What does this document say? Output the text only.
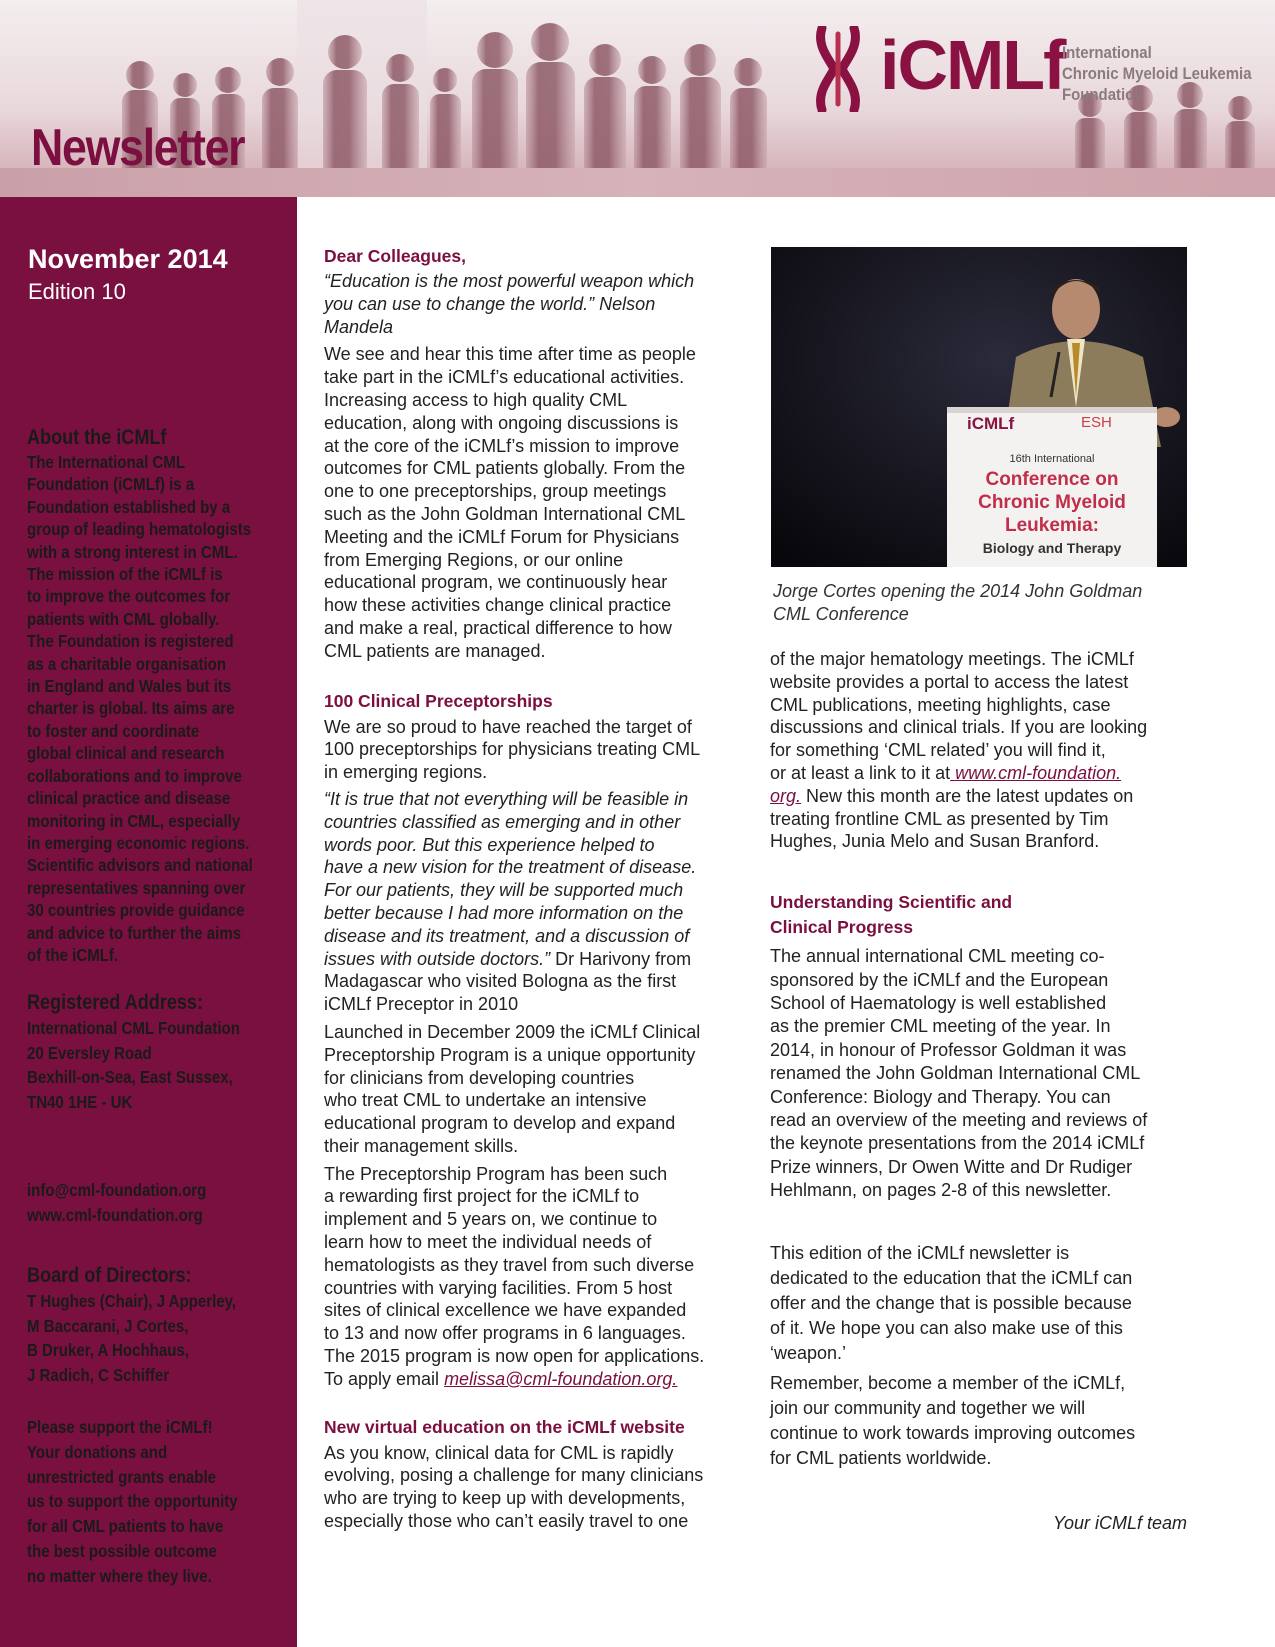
Newsletter
iCMLf
International
Chronic Myeloid Leukemia
Foundation
November 2014
Edition 10
About the iCMLf
The International CML
Foundation (iCMLf) is a
Foundation established by a
group of leading hematologists
with a strong interest in CML.
The mission of the iCMLf is
to improve the outcomes for
patients with CML globally.
The Foundation is registered
as a charitable organisation
in England and Wales but its
charter is global. Its aims are
to foster and coordinate
global clinical and research
collaborations and to improve
clinical practice and disease
monitoring in CML, especially
in emerging economic regions.
Scientific advisors and national
representatives spanning over
30 countries provide guidance
and advice to further the aims
of the iCMLf.
Registered Address:
International CML Foundation
20 Eversley Road
Bexhill-on-Sea, East Sussex,
TN40 1HE - UK
info@cml-foundation.org
www.cml-foundation.org
Board of Directors:
T Hughes (Chair), J Apperley,
M Baccarani, J Cortes,
B Druker, A Hochhaus,
J Radich, C Schiffer
Please support the iCMLf!
Your donations and
unrestricted grants enable
us to support the opportunity
for all CML patients to have
the best possible outcome
no matter where they live.

Dear Colleagues,

“Education is the most powerful weapon which
you can use to change the world.” Nelson
Mandela

We see and hear this time after time as people
take part in the iCMLf’s educational activities.
Increasing access to high quality CML
education, along with ongoing discussions is
at the core of the iCMLf’s mission to improve
outcomes for CML patients globally. From the
one to one preceptorships, group meetings
such as the John Goldman International CML
Meeting and the iCMLf Forum for Physicians
from Emerging Regions, or our online
educational program, we continuously hear
how these activities change clinical practice
and make a real, practical difference to how
CML patients are managed.

100 Clinical Preceptorships

We are so proud to have reached the target of
100 preceptorships for physicians treating CML
in emerging regions.

“It is true that not everything will be feasible in
countries classified as emerging and in other
words poor. But this experience helped to
have a new vision for the treatment of disease.
For our patients, they will be supported much
better because I had more information on the
disease and its treatment, and a discussion of
issues with outside doctors.” Dr Harivony from
Madagascar who visited Bologna as the first
iCMLf Preceptor in 2010

Launched in December 2009 the iCMLf Clinical
Preceptorship Program is a unique opportunity
for clinicians from developing countries
who treat CML to undertake an intensive
educational program to develop and expand
their management skills.

The Preceptorship Program has been such
a rewarding first project for the iCMLf to
implement and 5 years on, we continue to
learn how to meet the individual needs of
hematologists as they travel from such diverse
countries with varying facilities. From 5 host
sites of clinical excellence we have expanded
to 13 and now offer programs in 6 languages.
The 2015 program is now open for applications.
To apply email melissa@cml-foundation.org.

New virtual education on the iCMLf website

As you know, clinical data for CML is rapidly
evolving, posing a challenge for many clinicians
who are trying to keep up with developments,
especially those who can’t easily travel to one

iCMLf	ESH
16th International
Conference on
Chronic Myeloid
Leukemia:
Biology and Therapy
Jorge Cortes opening the 2014 John Goldman
CML Conference

of the major hematology meetings. The iCMLf
website provides a portal to access the latest
CML publications, meeting highlights, case
discussions and clinical trials. If you are looking
for something ‘CML related’ you will find it,
or at least a link to it at www.cml-foundation.
org. New this month are the latest updates on
treating frontline CML as presented by Tim
Hughes, Junia Melo and Susan Branford.

Understanding Scientific and
Clinical Progress

The annual international CML meeting co-
sponsored by the iCMLf and the European
School of Haematology is well established
as the premier CML meeting of the year. In
2014, in honour of Professor Goldman it was
renamed the John Goldman International CML
Conference: Biology and Therapy. You can
read an overview of the meeting and reviews of
the keynote presentations from the 2014 iCMLf
Prize winners, Dr Owen Witte and Dr Rudiger
Hehlmann, on pages 2-8 of this newsletter.

This edition of the iCMLf newsletter is
dedicated to the education that the iCMLf can
offer and the change that is possible because
of it. We hope you can also make use of this
‘weapon.’

Remember, become a member of the iCMLf,
join our community and together we will
continue to work towards improving outcomes
for CML patients worldwide.

Your iCMLf team
